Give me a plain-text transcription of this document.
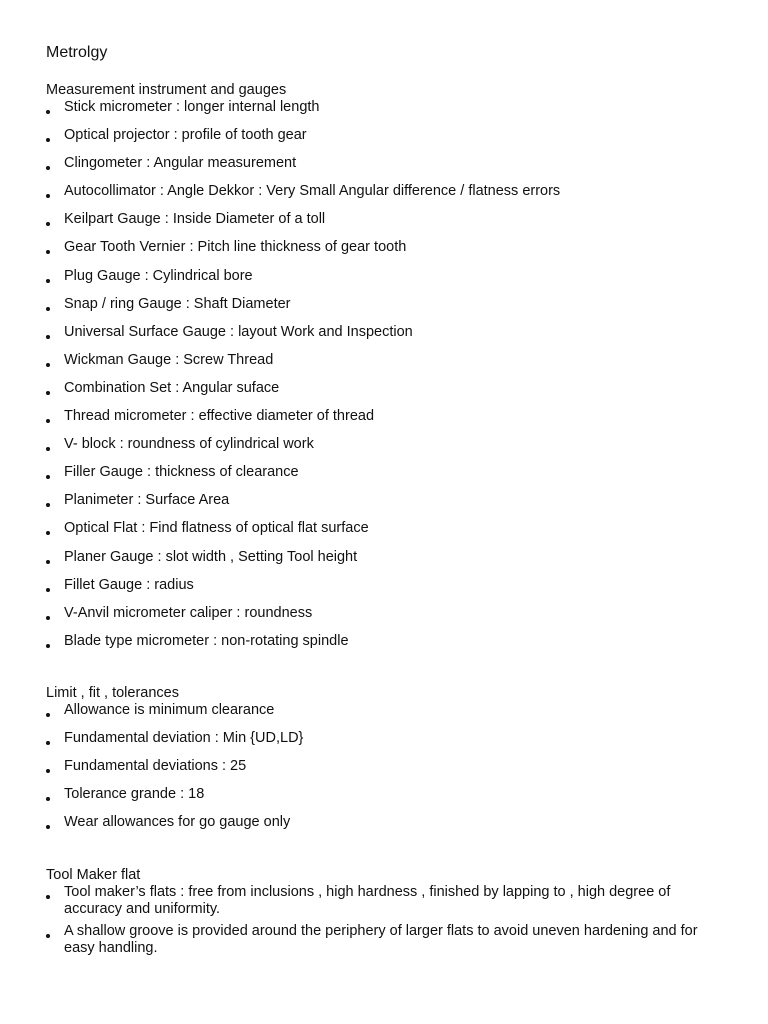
Metrolgy
Measurement instrument and gauges
Stick micrometer : longer internal length
Optical projector : profile of tooth gear
Clingometer : Angular measurement
Autocollimator : Angle Dekkor : Very Small Angular difference / flatness errors
Keilpart Gauge : Inside Diameter of a toll
Gear Tooth Vernier : Pitch line thickness of gear tooth
Plug Gauge : Cylindrical bore
Snap / ring Gauge : Shaft Diameter
Universal Surface Gauge : layout Work and Inspection
Wickman Gauge : Screw Thread
Combination Set : Angular suface
Thread micrometer : effective diameter of thread
V- block : roundness of cylindrical work
Filler Gauge : thickness of clearance
Planimeter : Surface Area
Optical Flat : Find flatness of optical flat surface
Planer Gauge : slot width , Setting Tool height
Fillet Gauge : radius
V-Anvil micrometer caliper : roundness
Blade type micrometer : non-rotating spindle
Limit , fit , tolerances
Allowance is minimum clearance
Fundamental deviation : Min {UD,LD}
Fundamental deviations : 25
Tolerance grande : 18
Wear allowances for go gauge only
Tool Maker flat
Tool maker’s flats : free from inclusions , high hardness , finished by lapping to , high degree of accuracy and uniformity.
A shallow groove is provided around the periphery of larger flats to avoid uneven hardening and for easy handling.
